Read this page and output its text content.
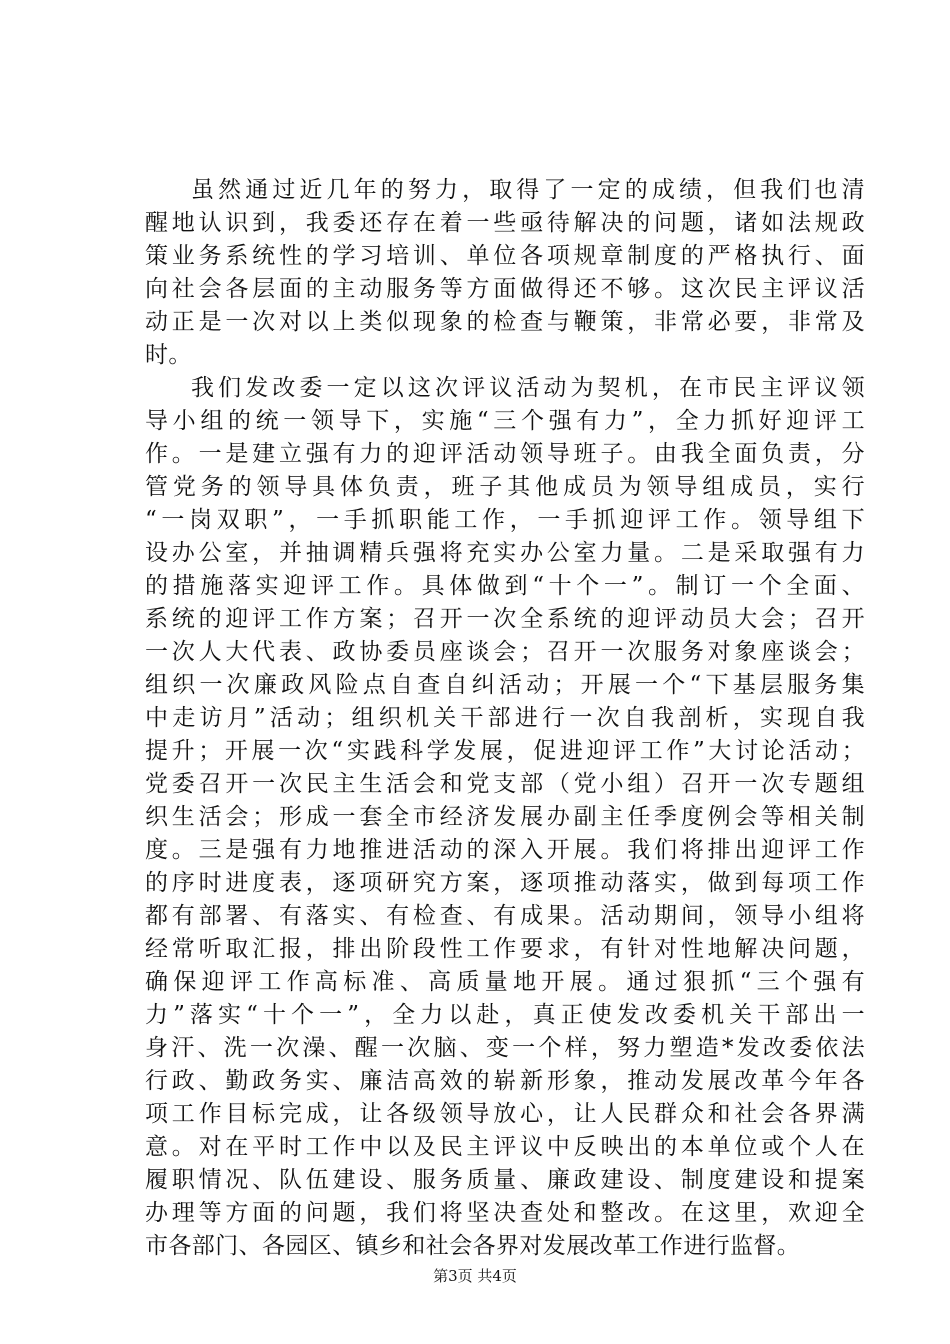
虽然通过近几年的努力，取得了一定的成绩，但我们也清
醒地认识到，我委还存在着一些亟待解决的问题，诸如法规政
策业务系统性的学习培训、单位各项规章制度的严格执行、面
向社会各层面的主动服务等方面做得还不够。这次民主评议活
动正是一次对以上类似现象的检查与鞭策，非常必要，非常及
时。
我们发改委一定以这次评议活动为契机，在市民主评议领
导小组的统一领导下，实施“三个强有力”，全力抓好迎评工
作。一是建立强有力的迎评活动领导班子。由我全面负责，分
管党务的领导具体负责，班子其他成员为领导组成员，实行
“一岗双职”，一手抓职能工作，一手抓迎评工作。领导组下
设办公室，并抽调精兵强将充实办公室力量。二是采取强有力
的措施落实迎评工作。具体做到“十个一”。制订一个全面、
系统的迎评工作方案；召开一次全系统的迎评动员大会；召开
一次人大代表、政协委员座谈会；召开一次服务对象座谈会；
组织一次廉政风险点自查自纠活动；开展一个“下基层服务集
中走访月”活动；组织机关干部进行一次自我剖析，实现自我
提升；开展一次“实践科学发展，促进迎评工作”大讨论活动；
党委召开一次民主生活会和党支部（党小组）召开一次专题组
织生活会；形成一套全市经济发展办副主任季度例会等相关制
度。三是强有力地推进活动的深入开展。我们将排出迎评工作
的序时进度表，逐项研究方案，逐项推动落实，做到每项工作
都有部署、有落实、有检查、有成果。活动期间，领导小组将
经常听取汇报，排出阶段性工作要求，有针对性地解决问题，
确保迎评工作高标准、高质量地开展。通过狠抓“三个强有
力”落实“十个一”，全力以赴，真正使发改委机关干部出一
身汗、洗一次澡、醒一次脑、变一个样，努力塑造*发改委依法
行政、勤政务实、廉洁高效的崭新形象，推动发展改革今年各
项工作目标完成，让各级领导放心，让人民群众和社会各界满
意。对在平时工作中以及民主评议中反映出的本单位或个人在
履职情况、队伍建设、服务质量、廉政建设、制度建设和提案
办理等方面的问题，我们将坚决查处和整改。在这里，欢迎全
市各部门、各园区、镇乡和社会各界对发展改革工作进行监督。
第3页 共4页
